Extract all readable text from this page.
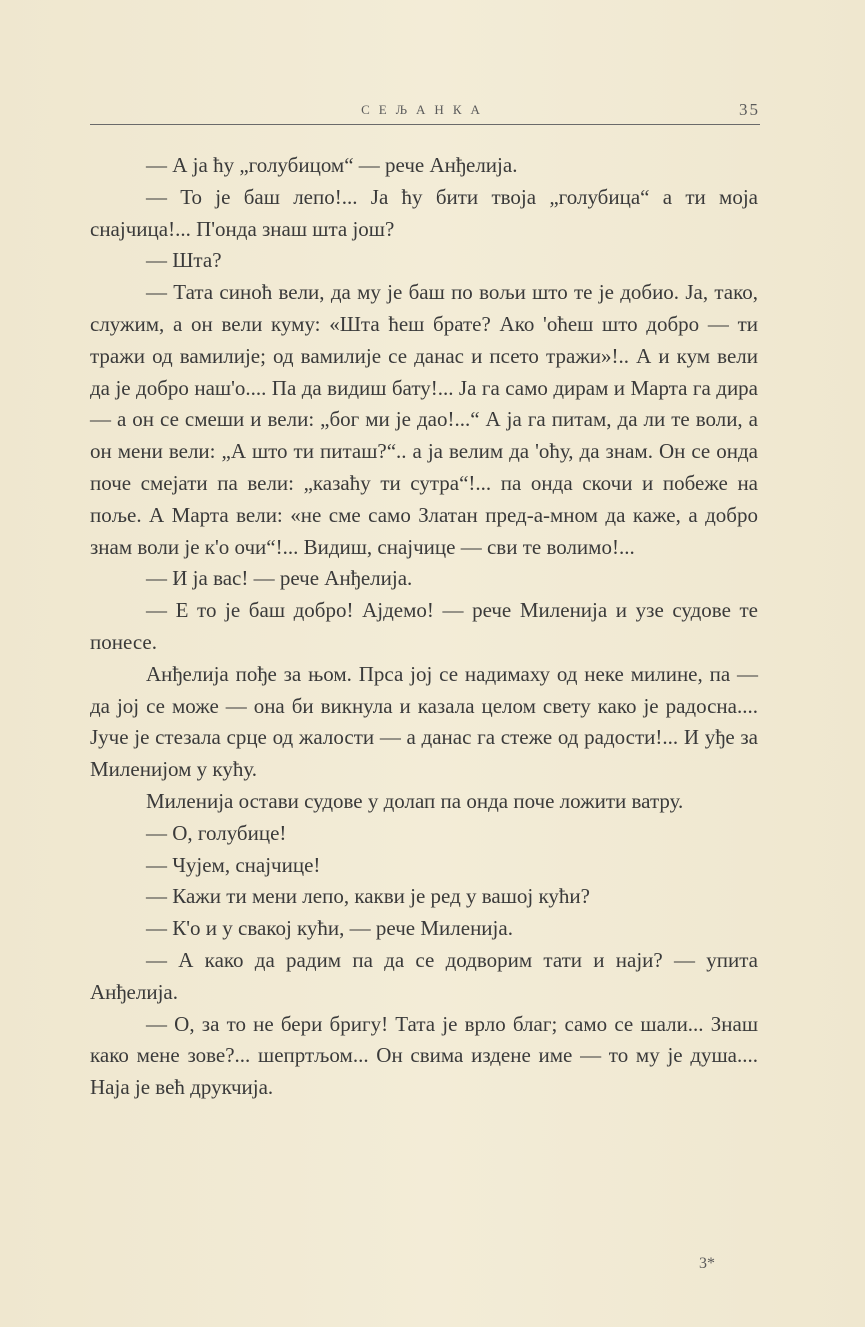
СЕЉАНКА	35

— А ја ћу „голубицом“ — рече Анђелија.

— То је баш лепо!... Ја ћу бити твоја „голубица“ а ти моја снајчица!... П'онда знаш шта још?

— Шта?

— Тата синоћ вели, да му је баш по вољи што те је добио. Ја, тако, служим, а он вели куму: «Шта ћеш брате? Ако 'оћеш што добро — ти тражи од вамилије; од вамилије се данас и псето тражи»!.. А и кум вели да је добро наш'о.... Па да видиш бату!... Ја га само дирам и Марта га дира — а он се смеши и вели: „бог ми је дао!...“ А ја га питам, да ли те воли, а он мени вели: „А што ти питаш?“.. а ја велим да 'оћу, да знам. Он се онда поче смејати па вели: „казаћу ти сутра“!... па онда скочи и побеже на поље. А Марта вели: «не сме само Златан пред-а-мном да каже, а добро знам воли је к'о очи“!... Видиш, снајчице — сви те волимо!...

— И ја вас! — рече Анђелија.

— Е то је баш добро! Ајдемо! — рече Миленија и узе судове те понесе.

Анђелија пође за њом. Прса јој се надимаху од неке милине, па — да јој се може — она би викнула и казала целом свету како је радосна.... Јуче је стезала срце од жалости — а данас га стеже од радости!... И уђе за Миленијом у кућу.

Миленија остави судове у долап па онда поче ложити ватру.

— О, голубице!

— Чујем, снајчице!

— Кажи ти мени лепо, какви је ред у вашој кући?

— К'о и у свакој кући, — рече Миленија.

— А како да радим па да се додворим тати и наји? — упита Анђелија.

— О, за то не бери бригу! Тата је врло благ; само се шали... Знаш како мене зове?... шепртљом... Он свима издене име — то му је душа.... Наја је већ друкчија.

3*
